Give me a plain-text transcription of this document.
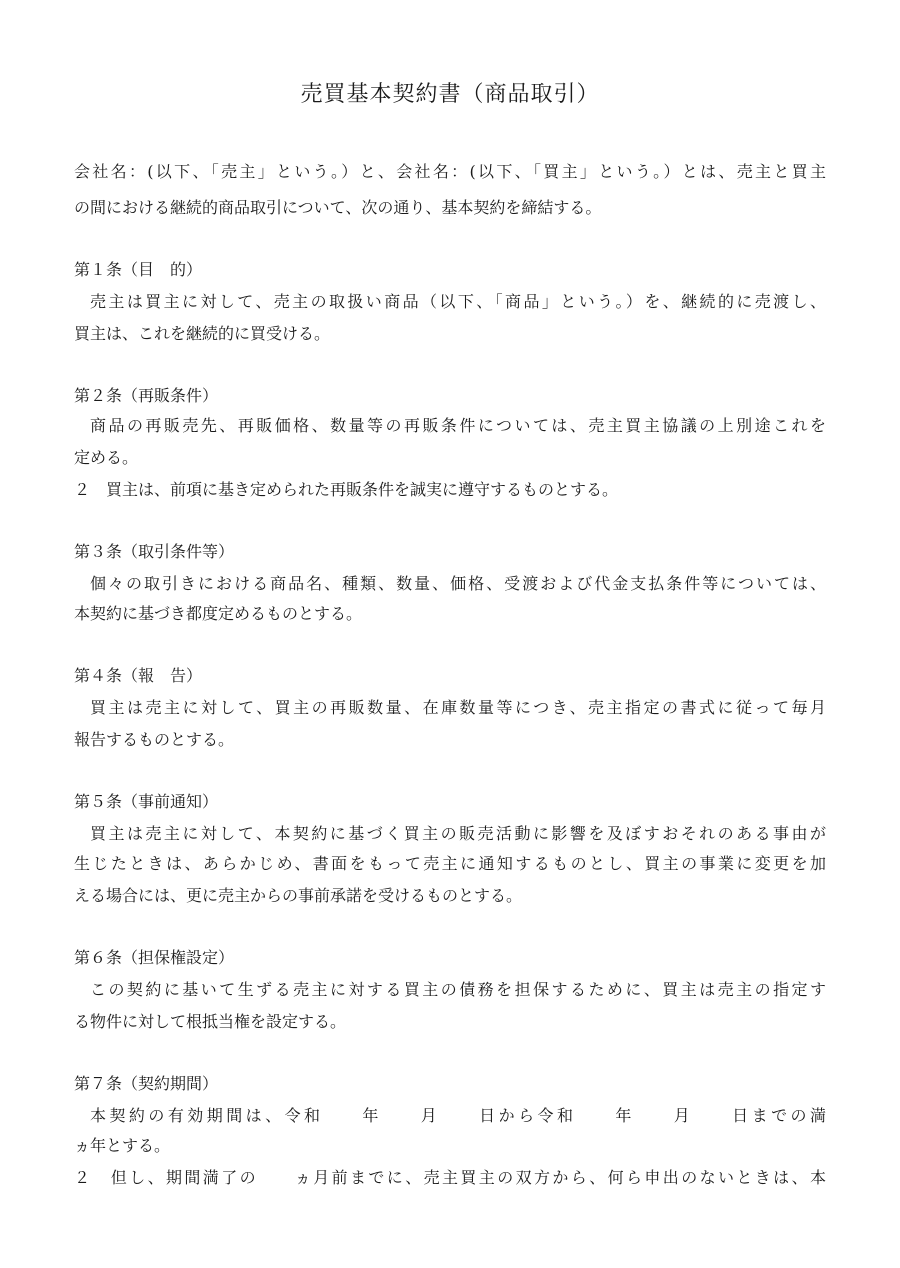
売買基本契約書（商品取引）
会社名：(以下、「売主」という。）と、会社名：(以下、「買主」という。）とは、売主と買主
の間における継続的商品取引について、次の通り、基本契約を締結する。
第１条（目　的）
売主は買主に対して、売主の取扱い商品（以下、「商品」という。）を、継続的に売渡し、
買主は、これを継続的に買受ける。
第２条（再販条件）
商品の再販売先、再販価格、数量等の再販条件については、売主買主協議の上別途これを
定める。
２　買主は、前項に基き定められた再販条件を誠実に遵守するものとする。
第３条（取引条件等）
個々の取引きにおける商品名、種類、数量、価格、受渡および代金支払条件等については、
本契約に基づき都度定めるものとする。
第４条（報　告）
買主は売主に対して、買主の再販数量、在庫数量等につき、売主指定の書式に従って毎月
報告するものとする。
第５条（事前通知）
買主は売主に対して、本契約に基づく買主の販売活動に影響を及ぼすおそれのある事由が
生じたときは、あらかじめ、書面をもって売主に通知するものとし、買主の事業に変更を加
える場合には、更に売主からの事前承諾を受けるものとする。
第６条（担保権設定）
この契約に基いて生ずる売主に対する買主の債務を担保するために、買主は売主の指定す
る物件に対して根抵当権を設定する。
第７条（契約期間）
本契約の有効期間は、令和　　年　　月　　日から令和　　年　　月　　日までの満
ヵ年とする。
２　但し、期間満了の　　ヵ月前までに、売主買主の双方から、何ら申出のないときは、本
